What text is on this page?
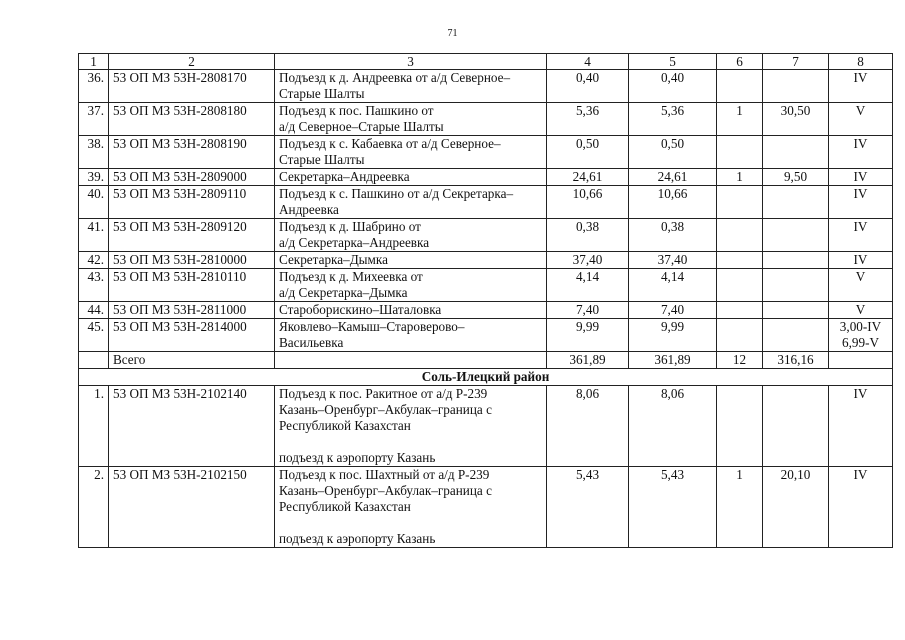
71
1	2	3	4	5	6	7	8
36.	53 ОП МЗ 53Н-2808170	Подъезд к д. Андреевка от а/д Северное–
Старые Шалты	0,40	0,40			IV
37.	53 ОП МЗ 53Н-2808180	Подъезд к пос. Пашкино от
а/д Северное–Старые Шалты	5,36	5,36	1	30,50	V
38.	53 ОП МЗ 53Н-2808190	Подъезд к с. Кабаевка от а/д Северное–
Старые Шалты	0,50	0,50			IV
39.	53 ОП МЗ 53Н-2809000	Секретарка–Андреевка	24,61	24,61	1	9,50	IV
40.	53 ОП МЗ 53Н-2809110	Подъезд к с. Пашкино от а/д Секретарка–
Андреевка	10,66	10,66			IV
41.	53 ОП МЗ 53Н-2809120	Подъезд к д. Шабрино от
а/д Секретарка–Андреевка	0,38	0,38			IV
42.	53 ОП МЗ 53Н-2810000	Секретарка–Дымка	37,40	37,40			IV
43.	53 ОП МЗ 53Н-2810110	Подъезд к д. Михеевка от
а/д Секретарка–Дымка	4,14	4,14			V
44.	53 ОП МЗ 53Н-2811000	Староборискино–Шаталовка	7,40	7,40			V
45.	53 ОП МЗ 53Н-2814000	Яковлево–Камыш–Староверово–
Васильевка	9,99	9,99			3,00-IV
6,99-V
	Всего		361,89	361,89	12	316,16	
Соль-Илецкий район							
1.	53 ОП МЗ 53Н-2102140	Подъезд к пос. Ракитное от а/д Р-239
Казань–Оренбург–Акбулак–граница с
Республикой Казахстан
подъезд к аэропорту Казань	8,06	8,06			IV
2.	53 ОП МЗ 53Н-2102150	Подъезд к пос. Шахтный от а/д Р-239
Казань–Оренбург–Акбулак–граница с
Республикой Казахстан
подъезд к аэропорту Казань	5,43	5,43	1	20,10	IV
